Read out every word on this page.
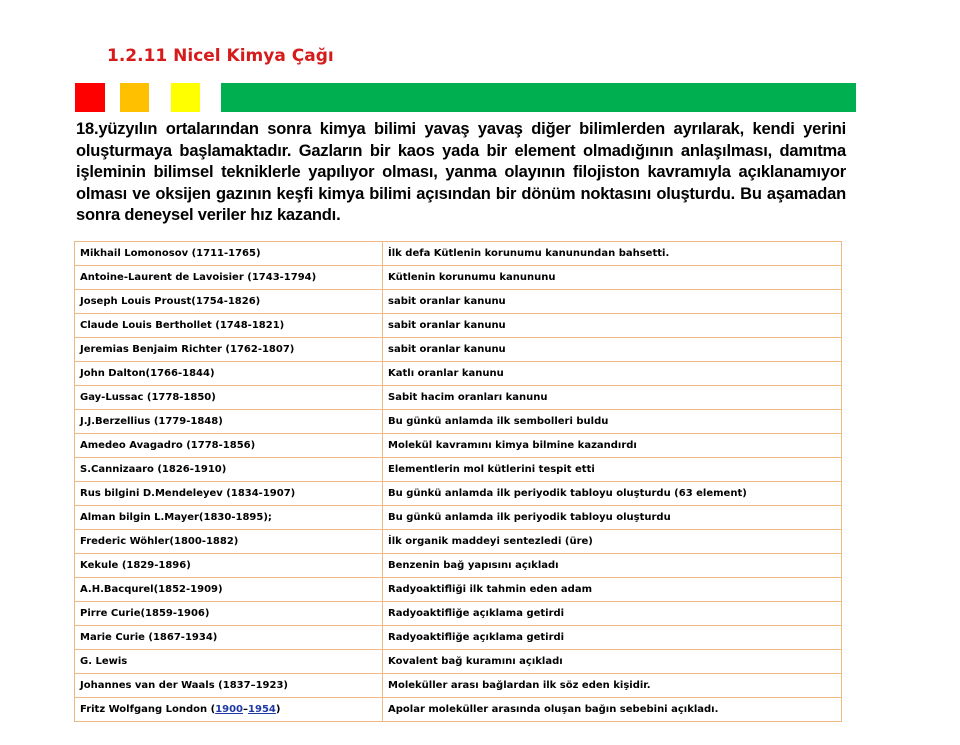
1.2.11 Nicel Kimya Çağı

18.yüzyılın ortalarından sonra kimya bilimi yavaş yavaş diğer bilimlerden ayrılarak, kendi yerini oluşturmaya başlamaktadır. Gazların bir kaos yada bir element olmadığının anlaşılması, damıtma işleminin bilimsel tekniklerle yapılıyor olması, yanma olayının filojiston kavramıyla açıklanamıyor olması ve oksijen gazının keşfi kimya bilimi açısından bir dönüm noktasını oluşturdu. Bu aşamadan sonra deneysel veriler hız kazandı.

Mikhail Lomonosov (1711-1765)	İlk defa Kütlenin korunumu kanunundan bahsetti.
Antoine-Laurent de Lavoisier (1743-1794)	Kütlenin korunumu kanununu
Joseph Louis Proust(1754-1826)	sabit oranlar kanunu
Claude Louis Berthollet (1748-1821)	sabit oranlar kanunu
Jeremias Benjaim Richter (1762-1807)	sabit oranlar kanunu
John Dalton(1766-1844)	Katlı oranlar kanunu
Gay-Lussac (1778-1850)	Sabit hacim oranları kanunu
J.J.Berzellius (1779-1848)	Bu günkü anlamda ilk sembolleri buldu
Amedeo Avagadro (1778-1856)	Molekül kavramını kimya bilmine kazandırdı
S.Cannizaaro (1826-1910)	Elementlerin mol kütlerini tespit etti
Rus bilgini D.Mendeleyev (1834-1907)	Bu günkü anlamda ilk periyodik tabloyu oluşturdu (63 element)
Alman bilgin L.Mayer(1830-1895);	Bu günkü anlamda ilk periyodik tabloyu oluşturdu
Frederic Wöhler(1800-1882)	İlk organik maddeyi sentezledi (üre)
Kekule (1829-1896)	Benzenin bağ yapısını açıkladı
A.H.Bacqurel(1852-1909)	Radyoaktifliği ilk tahmin eden adam
Pirre Curie(1859-1906)	Radyoaktifliğe açıklama getirdi
Marie Curie (1867-1934)	Radyoaktifliğe açıklama getirdi
G. Lewis	Kovalent bağ kuramını açıkladı
Johannes van der Waals (1837–1923)	Moleküller arası bağlardan ilk söz eden kişidir.
Fritz Wolfgang London (1900–1954)	Apolar moleküller arasında oluşan bağın sebebini açıkladı.
